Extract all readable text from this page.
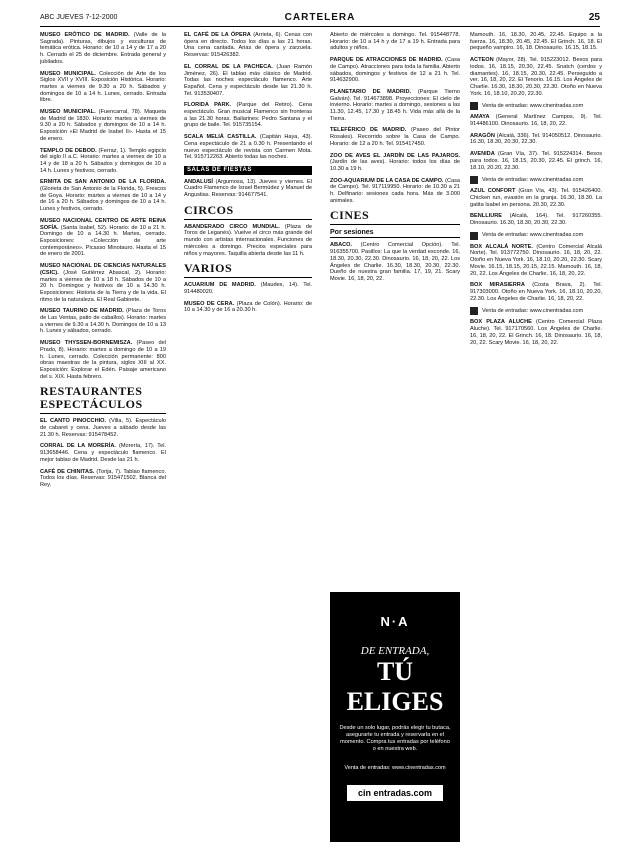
ABC JUEVES 7-12-2000	CARTELERA	25
MUSEO ERÓTICO DE MADRID. (Valle de la Sagrada). Pinturas, dibujos y esculturas de temática erótica. Horario: de 10 a 14 y de 17 a 20 h. Cerrado el 25 de diciembre. Entrada general y jubilados.
MUSEO MUNICIPAL. Colección de Arte de los Siglos XVII y XVIII. Exposición Histórica. Horario: martes a viernes de 9.30 a 20 h. Sábados y domingos de 10 a 14 h. Lunes, cerrado. Entrada libre.
MUSEO MUNICIPAL. (Fuencarral, 78). Maqueta de Madrid de 1830. Horario: martes a viernes de 9.30 a 20 h. Sábados y domingos de 10 a 14 h. Exposición «El Madrid de Isabel II». Hasta el 15 de enero.
TEMPLO DE DEBOD. (Ferraz, 1). Templo egipcio del siglo II a.C. Horario: martes a viernes de 10 a 14 y de 18 a 20 h. Sábados y domingos de 10 a 14 h. Lunes y festivos, cerrado.
ERMITA DE SAN ANTONIO DE LA FLORIDA. (Glorieta de San Antonio de la Florida, 5). Frescos de Goya. Horario: martes a viernes de 10 a 14 y de 16 a 20 h. Sábados y domingos de 10 a 14 h. Lunes y festivos, cerrado.
MUSEO NACIONAL CENTRO DE ARTE REINA SOFÍA. (Santa Isabel, 52). Horario: de 10 a 21 h. Domingo de 10 a 14.30 h. Martes, cerrado. Exposiciones: «Colección de arte contemporáneo». Picasso Minotauro. Hasta el 15 de enero de 2001.
MUSEO NACIONAL DE CIENCIAS NATURALES (CSIC). (José Gutiérrez Abascal, 2). Horario: martes a viernes de 10 a 18 h. Sábados de 10 a 20 h. Domingos y festivos de 10 a 14.30 h. Exposiciones: Historia de la Tierra y de la vida. El ritmo de la naturaleza. El Real Gabinete.
MUSEO TAURINO DE MADRID. (Plaza de Toros de Las Ventas, patio de caballos). Horario: martes a viernes de 9.30 a 14.30 h. Domingos de 10 a 13 h. Lunes y sábados, cerrado.
MUSEO THYSSEN-BORNEMISZA. (Paseo del Prado, 8). Horario: martes a domingo de 10 a 19 h. Lunes, cerrado. Colección permanente: 800 obras maestras de la pintura, siglos XIII al XX. Exposición: Explorar el Edén. Paisaje americano del s. XIX. Hasta febrero.
RESTAURANTES ESPECTÁCULOS
EL CANTO PINOCCHIO. (Villa, 5). Espectáculo de cabaret y cena. Jueves a sábado desde las 21.30 h. Reservas: 915478452.
CORRAL DE LA MORERÍA. (Morería, 17). Tel. 913658446. Cena y espectáculo flamenco. El mejor tablao de Madrid. Desde las 21 h.
CAFÉ DE CHINITAS. (Torija, 7). Tablao flamenco. Todos los días. Reservas: 915471502. Blanca del Rey.
EL CAFÉ DE LA ÓPERA (Arrieta, 6). Cenas con ópera en directo. Todos los días a las 21 horas. Una cena cantada. Arias de ópera y zarzuela. Reservas: 915426382.
EL CORRAL DE LA PACHECA. (Juan Ramón Jiménez, 26). El tablao más clásico de Madrid. Todas las noches espectáculo flamenco. Arte Español. Cena y espectáculo desde las 21.30 h. Tel. 913530407.
FLORIDA PARK. (Parque del Retiro). Cena espectáculo. Gran musical Flamenco sin fronteras a las 21.30 horas. Bailarines: Pedro Santana y el grupo de baile. Tel. 915735154.
SCALA MELIÁ CASTILLA. (Capitán Haya, 43). Cena espectáculo de 21 a 0.30 h. Presentando el nuevo espectáculo de revista con Carmen Mota. Tel. 915712263. Abierto todas las noches.
SALAS DE FIESTAS
ANDALUSÍ (Argumosa, 13). Jueves y viernes. El Cuadro Flamenco de Israel Bermúdez y Manuel de Angustias. Reservas: 914677541.
CIRCOS
ABANDERADO CIRCO MUNDIAL. (Plaza de Toros de Leganés). Vuelve el circo más grande del mundo con artistas internacionales. Funciones de miércoles a domingo. Precios especiales para niños y mayores. Taquilla abierta desde las 11 h.
VARIOS
ACUARIUM DE MADRID. (Maudes, 14). Tel. 914480020.
MUSEO DE CERA. (Plaza de Colón). Horario: de 10 a 14.30 y de 16 a 20.30 h.
Abierto de miércoles a domingo. Tel. 915448778. Horario: de 10 a 14 h y de 17 a 19 h. Entrada para adultos y niños.
PARQUE DE ATRACCIONES DE MADRID. (Casa de Campo). Atracciones para toda la familia. Abierto sábados, domingos y festivos de 12 a 21 h. Tel. 914632900.
PLANETARIO DE MADRID. (Parque Tierno Galván). Tel. 914673898. Proyecciones: El cielo de invierno. Horario: martes a domingo, sesiones a las 11.30, 12.45, 17.30 y 18.45 h. Vida más allá de la Tierra.
TELEFÉRICO DE MADRID. (Paseo del Pintor Rosales). Recorrido sobre la Casa de Campo. Horario: de 12 a 20 h. Tel. 915417450.
ZOO DE AVES EL JARDÍN DE LAS PAJAROS. (Jardín de las aves). Horario: todos los días de 10.30 a 19 h.
ZOO-AQUARIUM DE LA CASA DE CAMPO. (Casa de Campo). Tel. 917119950. Horario: de 10.30 a 21 h. Delfinario: sesiones cada hora. Más de 3.000 animales.
CINES
Por sesiones
ABACO. (Centro Comercial Opción). Tel. 916355700. Pasillos: La que la verdad esconde. 16, 18.30, 20.30, 22.30. Dinosaurio. 16, 18, 20, 22. Los Ángeles de Charlie. 16.30, 18.30, 20.30, 22.30. Dueño de nuestra gran familia. 17, 19, 21. Scary Movie. 16, 18, 20, 22.
N·A
DE ENTRADA,
TÚ ELIGES
Desde un solo lugar, podrás elegir tu butaca, asegurarte tu entrada y reservarla en el momento. Compra tus entradas por teléfono o en nuestra web.
Venta de entradas: www.cinentradas.com
cin entradas.com
Mamouth. 16, 18.30, 20.45, 22.45. Equipo a la fuerza. 16, 18.30, 20.45, 22.45. El Grinch. 16, 18. El pequeño vampiro. 16, 18. Dinosaurio. 16.15, 18.15.
ACTEON (Mayor, 28). Tel. 915223012. Besos para todos. 16, 18.15, 20.30, 22.45. Snatch (cerdos y diamantes). 16, 18.15, 20.30, 22.45. Perseguido a ver. 16, 18, 20, 22. El Tenorio. 16.15. Los Ángeles de Charlie. 16.30, 18.30, 20.30, 22.30. Otoño en Nueva York. 16, 18.10, 20.20, 22.30.
Venta de entradas: www.cinentradas.com
AMAYA (General Martínez Campos, 9). Tel. 914486100. Dinosaurio. 16, 18, 20, 22.
ARAGÓN (Alcalá, 336). Tel. 914050512. Dinosaurio. 16.30, 18.30, 20.30, 22.30.
AVENIDA (Gran Vía, 37). Tel. 915224314. Besos para todos. 16, 18.15, 20.30, 22.45. El grinch. 16, 18.10, 20.20, 22.30.
Venta de entradas: www.cinentradas.com
AZUL CONFORT (Gran Vía, 43). Tel. 915426400. Chicken run, evasión en la granja. 16.30, 18.30. La gatita Isabel en persona. 20.30, 22.30.
BENLLIURE (Alcalá, 164). Tel. 917260355. Dinosaurio. 16.30, 18.30, 20.30, 22.30.
Venta de entradas: www.cinentradas.com
BOX ALCALÁ NORTE. (Centro Comercial Alcalá Norte). Tel. 913772750. Dinosaurio. 16, 18, 20, 22. Otoño en Nueva York. 16, 18.10, 20.20, 22.30. Scary Movie. 16.15, 18.15, 20.15, 22.15. Mamouth. 16, 18, 20, 22. Los Ángeles de Charlie. 16, 18, 20, 22.
BOX MIRASIERRA (Costa Brava, 2). Tel. 917303000. Otoño en Nueva York. 16, 18.10, 20.20, 22.30. Los Ángeles de Charlie. 16, 18, 20, 22.
Venta de entradas: www.cinentradas.com
BOX PLAZA ALUCHE (Centro Comercial Plaza Aluche). Tel. 917170560. Los Ángeles de Charlie. 16, 18, 20, 22. El Grinch. 16, 18. Dinosaurio. 16, 18, 20, 22. Scary Movie. 16, 18, 20, 22.
